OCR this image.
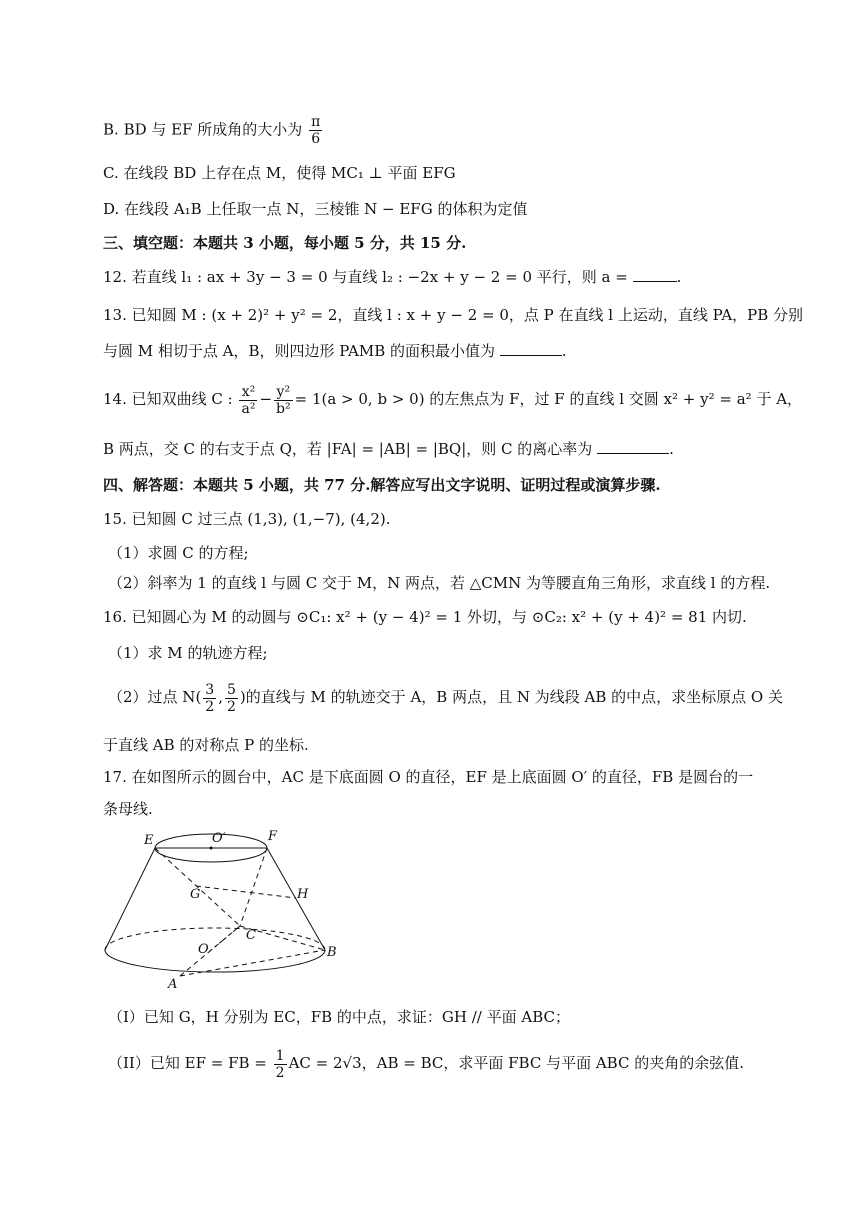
B. BD 与 EF 所成角的大小为 $\frac{\pi}{6}$
C. 在线段 BD 上存在点 M，使得 MC₁ ⊥ 平面 EFG
D. 在线段 A₁B 上任取一点 N，三棱锥 N − EFG 的体积为定值
三、填空题：本题共 3 小题，每小题 5 分，共 15 分.
12. 若直线 l₁ : ax + 3y − 3 = 0 与直线 l₂ : −2x + y − 2 = 0 平行，则 a =	.
13. 已知圆 M : (x + 2)² + y² = 2，直线 l : x + y − 2 = 0，点 P 在直线 l 上运动，直线 PA，PB 分别
与圆 M 相切于点 A，B，则四边形 PAMB 的面积最小值为	.
14. 已知双曲线 C : $\frac{\text{x²}}{\text{a²}} - \frac{\text{y²}}{\text{b²}} = 1(a > 0$, b > 0) 的左焦点为 F，过 F 的直线 l 交圆 x² + y² = a² 于 A，
B 两点，交 C 的右支于点 Q，若 |FA| = |AB| = |BQ|，则 C 的离心率为	.
四、解答题：本题共 5 小题，共 77 分.解答应写出文字说明、证明过程或演算步骤.
15. 已知圆 C 过三点 (1,3), (1,−7), (4,2).
（1）求圆 C 的方程;
（2）斜率为 1 的直线 l 与圆 C 交于 M，N 两点，若 △CMN 为等腰直角三角形，求直线 l 的方程.
16. 已知圆心为 M 的动圆与 ⊙C₁: x² + (y − 4)² = 1 外切，与 ⊙C₂: x² + (y + 4)² = 81 内切.
（1）求 M 的轨迹方程;
（2）过点 $N( \frac{3}{2}$ , $\frac{5}{2}$ )的直线与 M 的轨迹交于 A，B 两点，且 N 为线段 AB 的中点，求坐标原点 O 关
于直线 AB 的对称点 P 的坐标.
17. 在如图所示的圆台中，AC 是下底面圆 O 的直径，EF 是上底面圆 O′ 的直径，FB 是圆台的一
条母线.
E	O′	F
G	H
C
O	B
A
（I）已知 G，H 分别为 EC，FB 的中点，求证：GH // 平面 ABC；
（II）已知 EF = FB = $\frac{1}{2}$ AC = 2√3，AB = BC，求平面 FBC 与平面 ABC 的夹角的余弦值.
